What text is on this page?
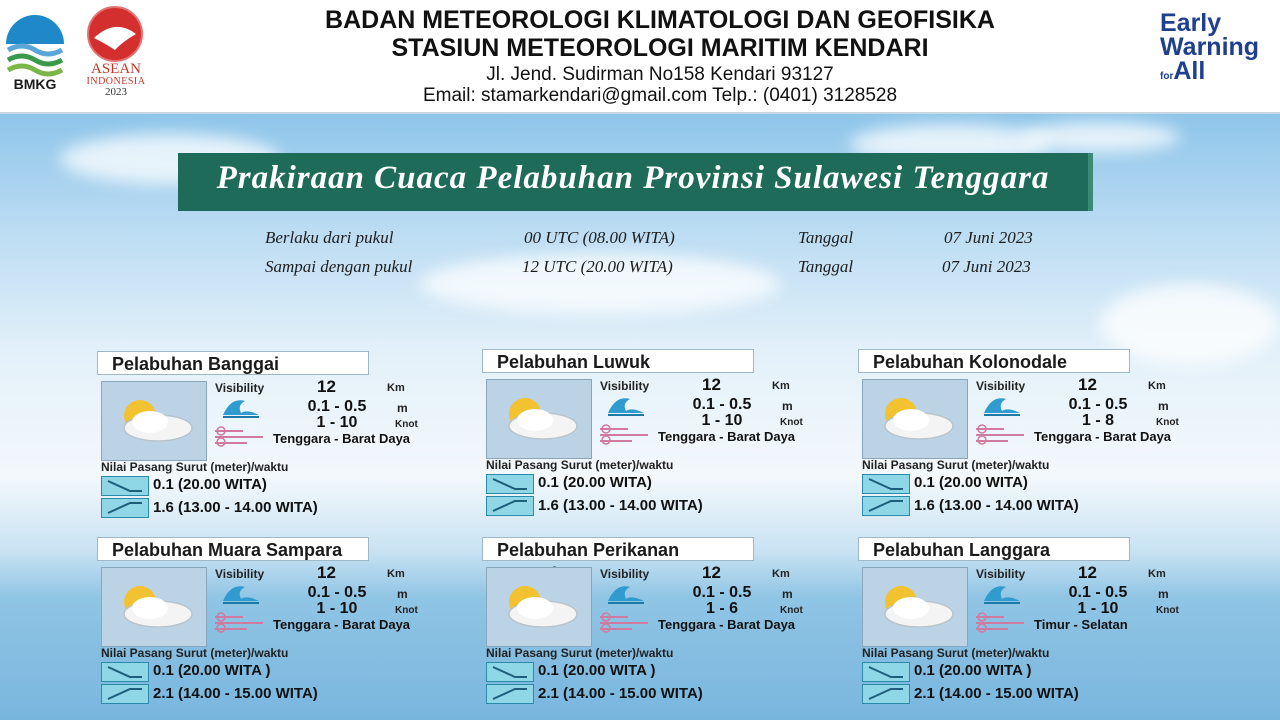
BMKG
ASEAN
INDONESIA
2023
BADAN METEOROLOGI KLIMATOLOGI DAN GEOFISIKA
STASIUN METEOROLOGI MARITIM KENDARI
Jl. Jend. Sudirman No158 Kendari 93127
Email: stamarkendari@gmail.com Telp.: (0401) 3128528
Early
Warning
forAll
Prakiraan Cuaca Pelabuhan Provinsi Sulawesi Tenggara
Berlaku dari pukul	00 UTC (08.00 WITA)	Tanggal	07 Juni 2023
Sampai dengan pukul	12 UTC (20.00 WITA)	Tanggal	07 Juni 2023
Pelabuhan Banggai
Visibility	12	Km
0.1 - 0.5	m
1 - 10	Knot
Tenggara - Barat Daya
Nilai Pasang Surut (meter)/waktu
0.1 (20.00 WITA)
1.6 (13.00 - 14.00 WITA)
Pelabuhan Luwuk
Visibility	12	Km
0.1 - 0.5	m
1 - 10	Knot
Tenggara - Barat Daya
Nilai Pasang Surut (meter)/waktu
0.1 (20.00 WITA)
1.6 (13.00 - 14.00 WITA)
Pelabuhan Kolonodale
Visibility	12	Km
0.1 - 0.5	m
1 - 8	Knot
Tenggara - Barat Daya
Nilai Pasang Surut (meter)/waktu
0.1 (20.00 WITA)
1.6 (13.00 - 14.00 WITA)
Pelabuhan Muara Sampara
Visibility	12	Km
0.1 - 0.5	m
1 - 10	Knot
Tenggara - Barat Daya
Nilai Pasang Surut (meter)/waktu
0.1 (20.00 WITA )
2.1 (14.00 - 15.00 WITA)
Pelabuhan Perikanan Samudera	Visibility	12	Km
0.1 - 0.5	m
1 - 6	Knot
Tenggara - Barat Daya
Nilai Pasang Surut (meter)/waktu
0.1 (20.00 WITA )
2.1 (14.00 - 15.00 WITA)
Pelabuhan Langgara
Visibility	12	Km
0.1 - 0.5	m
1 - 10	Knot
Timur - Selatan
Nilai Pasang Surut (meter)/waktu
0.1 (20.00 WITA )
2.1 (14.00 - 15.00 WITA)
